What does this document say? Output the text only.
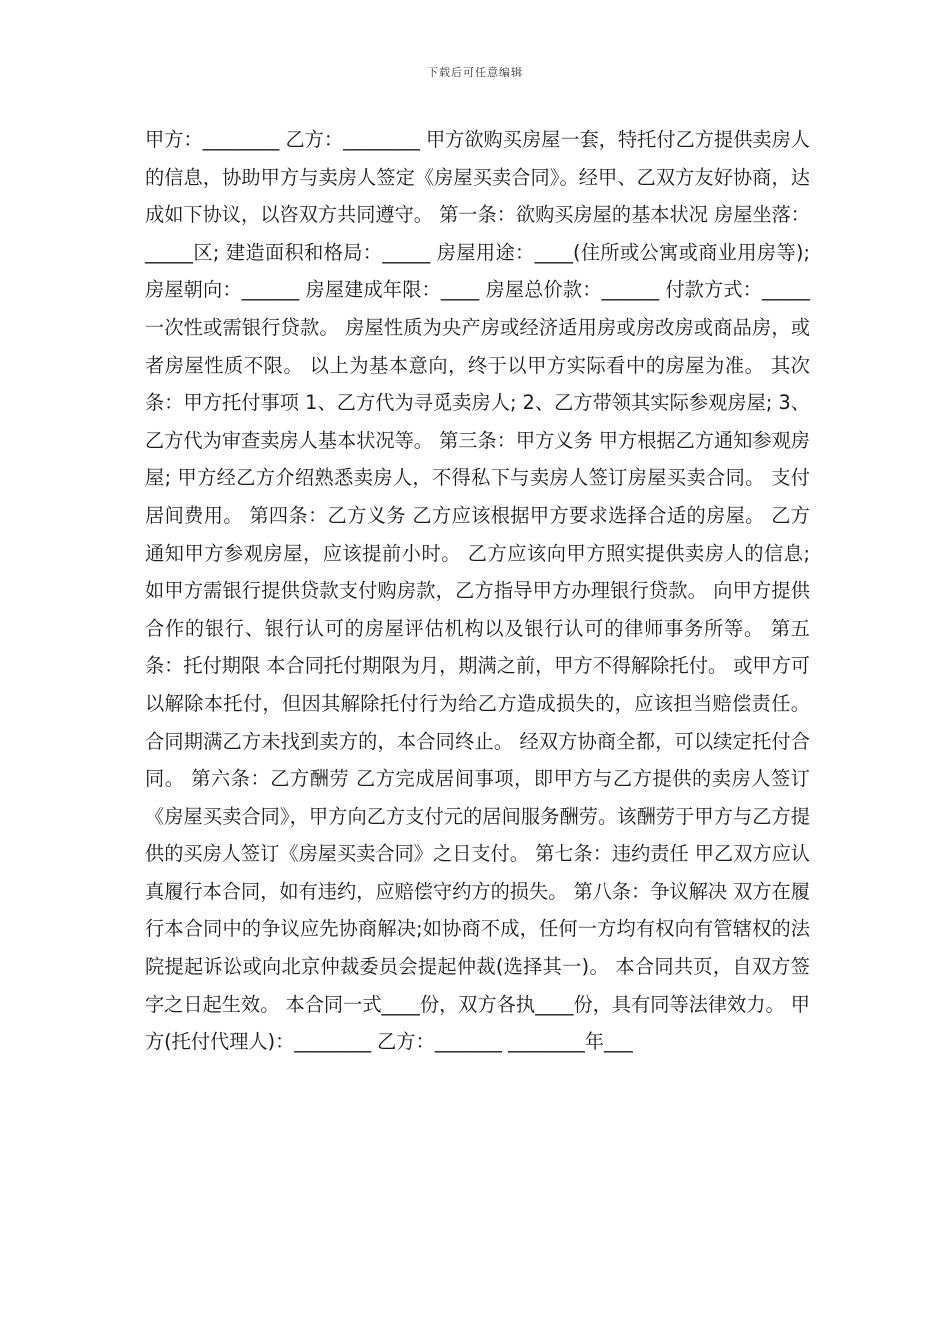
下载后可任意编辑

甲方：________ 乙方：________ 甲方欲购买房屋一套，特托付乙方提供卖房人的信息，协助甲方与卖房人签定《房屋买卖合同》。经甲、乙双方友好协商，达成如下协议，以咨双方共同遵守。 第一条：欲购买房屋的基本状况 房屋坐落：_____区; 建造面积和格局：_____ 房屋用途：____(住所或公寓或商业用房等); 房屋朝向：______ 房屋建成年限：____ 房屋总价款：______ 付款方式：_____一次性或需银行贷款。 房屋性质为央产房或经济适用房或房改房或商品房，或者房屋性质不限。 以上为基本意向，终于以甲方实际看中的房屋为准。 其次条：甲方托付事项 1、乙方代为寻觅卖房人; 2、乙方带领其实际参观房屋; 3、乙方代为审查卖房人基本状况等。 第三条：甲方义务 甲方根据乙方通知参观房屋; 甲方经乙方介绍熟悉卖房人，不得私下与卖房人签订房屋买卖合同。 支付居间费用。 第四条：乙方义务 乙方应该根据甲方要求选择合适的房屋。 乙方通知甲方参观房屋，应该提前小时。 乙方应该向甲方照实提供卖房人的信息; 如甲方需银行提供贷款支付购房款，乙方指导甲方办理银行贷款。 向甲方提供合作的银行、银行认可的房屋评估机构以及银行认可的律师事务所等。 第五条：托付期限 本合同托付期限为月，期满之前，甲方不得解除托付。 或甲方可以解除本托付，但因其解除托付行为给乙方造成损失的，应该担当赔偿责任。 合同期满乙方未找到卖方的，本合同终止。 经双方协商全都，可以续定托付合同。 第六条：乙方酬劳 乙方完成居间事项，即甲方与乙方提供的卖房人签订《房屋买卖合同》，甲方向乙方支付元的居间服务酬劳。该酬劳于甲方与乙方提供的买房人签订《房屋买卖合同》之日支付。 第七条：违约责任 甲乙双方应认真履行本合同，如有违约，应赔偿守约方的损失。 第八条：争议解决 双方在履行本合同中的争议应先协商解决;如协商不成，任何一方均有权向有管辖权的法院提起诉讼或向北京仲裁委员会提起仲裁(选择其一)。 本合同共页，自双方签字之日起生效。 本合同一式____份，双方各执____份，具有同等法律效力。 甲方(托付代理人)：________ 乙方：_______ ________年___
